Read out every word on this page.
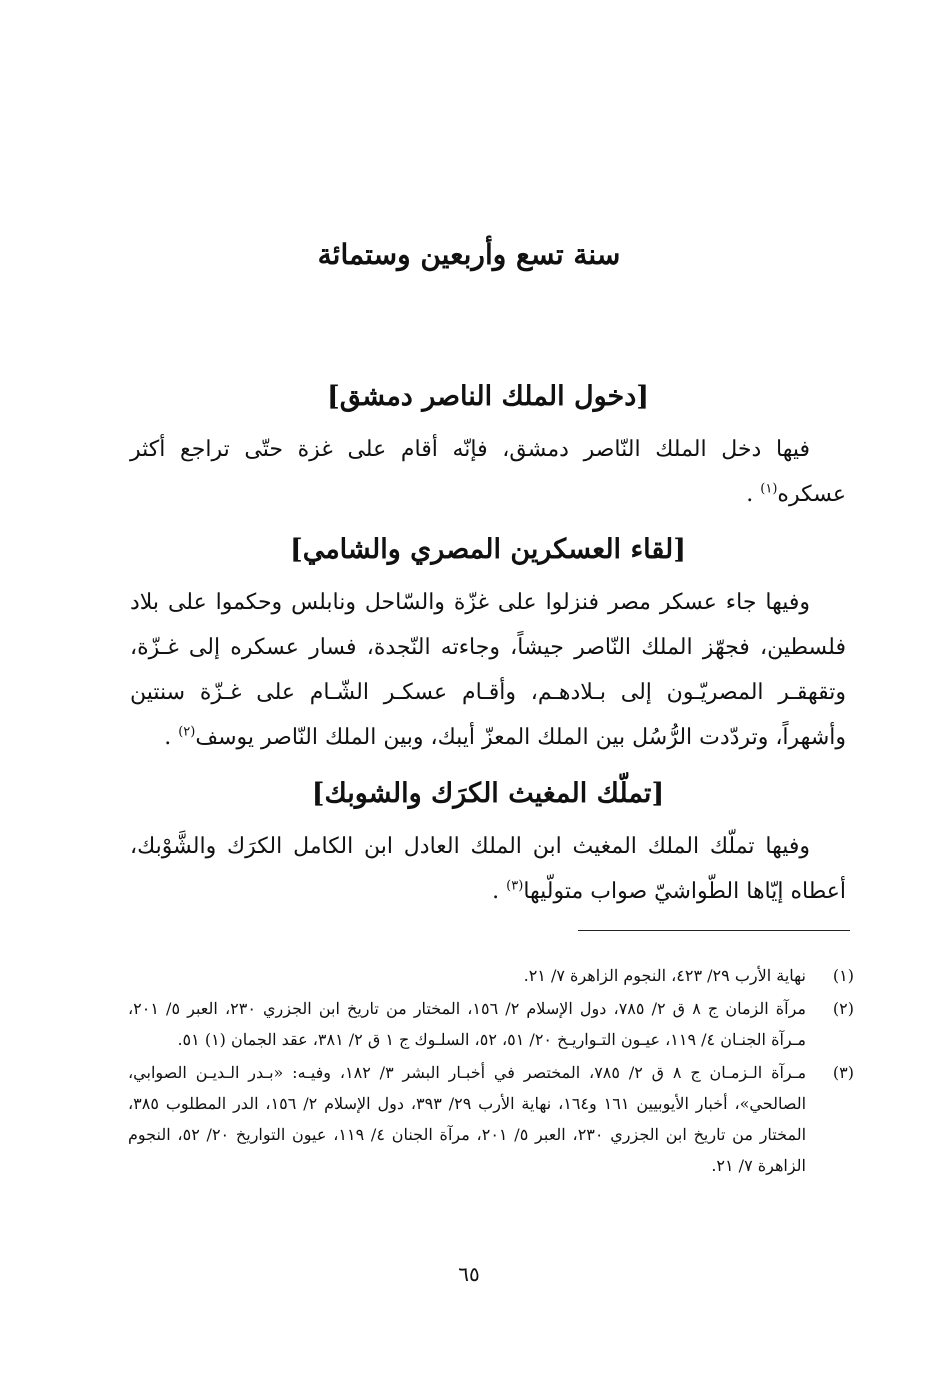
سنة تسع وأربعين وستمائة
[دخول الملك الناصر دمشق]

فيها دخل الملك النّاصر دمشق، فإنّه أقام على غزة حتّى تراجع أكثر عسكره$^{(١)}$ .

[لقاء العسكرين المصري والشامي]

وفيها جاء عسكر مصر فنزلوا على غزّة والسّاحل ونابلس وحكموا على بلاد فلسطين، فجهّز الملك النّاصر جيشاً، وجاءته النّجدة، فسار عسكره إلى غـزّة، وتقهقـر المصريّـون إلى بـلادهـم، وأقـام عسكـر الشّـام على غـزّة سنتين وأشهراً، وتردّدت الرُّسُل بين الملك المعزّ أيبك، وبين الملك النّاصر يوسف$^{(٢)}$ .

[تملّك المغيث الكرَك والشوبك]

وفيها تملّك الملك المغيث ابن الملك العادل ابن الكامل الكرَك والشَّوْبك، أعطاه إيّاها الطّواشيّ صواب متولّيها$^{(٣)}$ .

(١)
نهاية الأرب ٢٩/ ٤٢٣، النجوم الزاهرة ٧/ ٢١.
(٢)
مرآة الزمان ج ٨ ق ٢/ ٧٨٥، دول الإسلام ٢/ ١٥٦، المختار من تاريخ ابن الجزري ٢٣٠، العبر ٥/ ٢٠١، مـرآة الجنـان ٤/ ١١٩، عيـون التـواريـخ ٢٠/ ٥١، ٥٢، السلـوك ج ١ ق ٢/ ٣٨١، عقد الجمان (١) ٥١.
(٣)
مـرآة الـزمـان ج ٨ ق ٢/ ٧٨٥، المختصر في أخبـار البشر ٣/ ١٨٢، وفيـه: «بـدر الـديـن الصوابي، الصالحي»، أخبار الأيوبيين ١٦١ و١٦٤، نهاية الأرب ٢٩/ ٣٩٣، دول الإسلام ٢/ ١٥٦، الدر المطلوب ٣٨٥، المختار من تاريخ ابن الجزري ٢٣٠، العبر ٥/ ٢٠١، مرآة الجنان ٤/ ١١٩، عيون التواريخ ٢٠/ ٥٢، النجوم الزاهرة ٧/ ٢١.
٦٥
